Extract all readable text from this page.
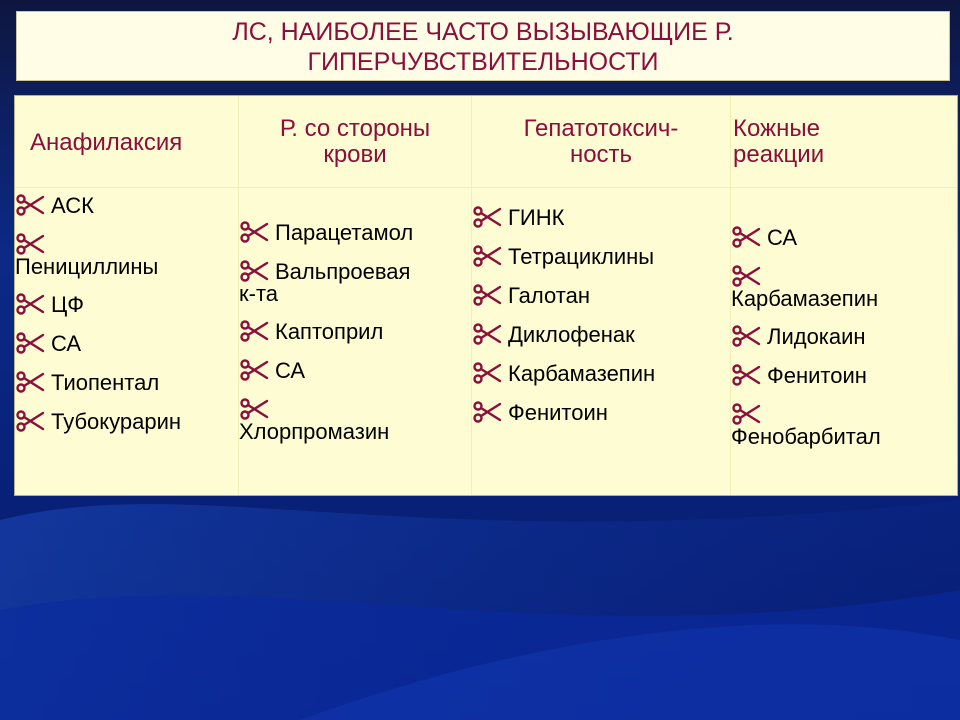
ЛС, НАИБОЛЕЕ ЧАСТО ВЫЗЫВАЮЩИЕ Р.
ГИПЕРЧУВСТВИТЕЛЬНОСТИ
Анафилаксия
АСК

Пенициллины
ЦФ
СА
Тиопентал
Тубокурарин
Р. со стороны
крови
Парацетамол
Вальпроевая
к-та
Каптоприл
СА

Хлорпромазин
Гепатотоксич-
ность
ГИНК
Тетрациклины
Галотан
Диклофенак
Карбамазепин
Фенитоин
Кожные
реакции
СА

Карбамазепин
Лидокаин
Фенитоин

Фенобарбитал
